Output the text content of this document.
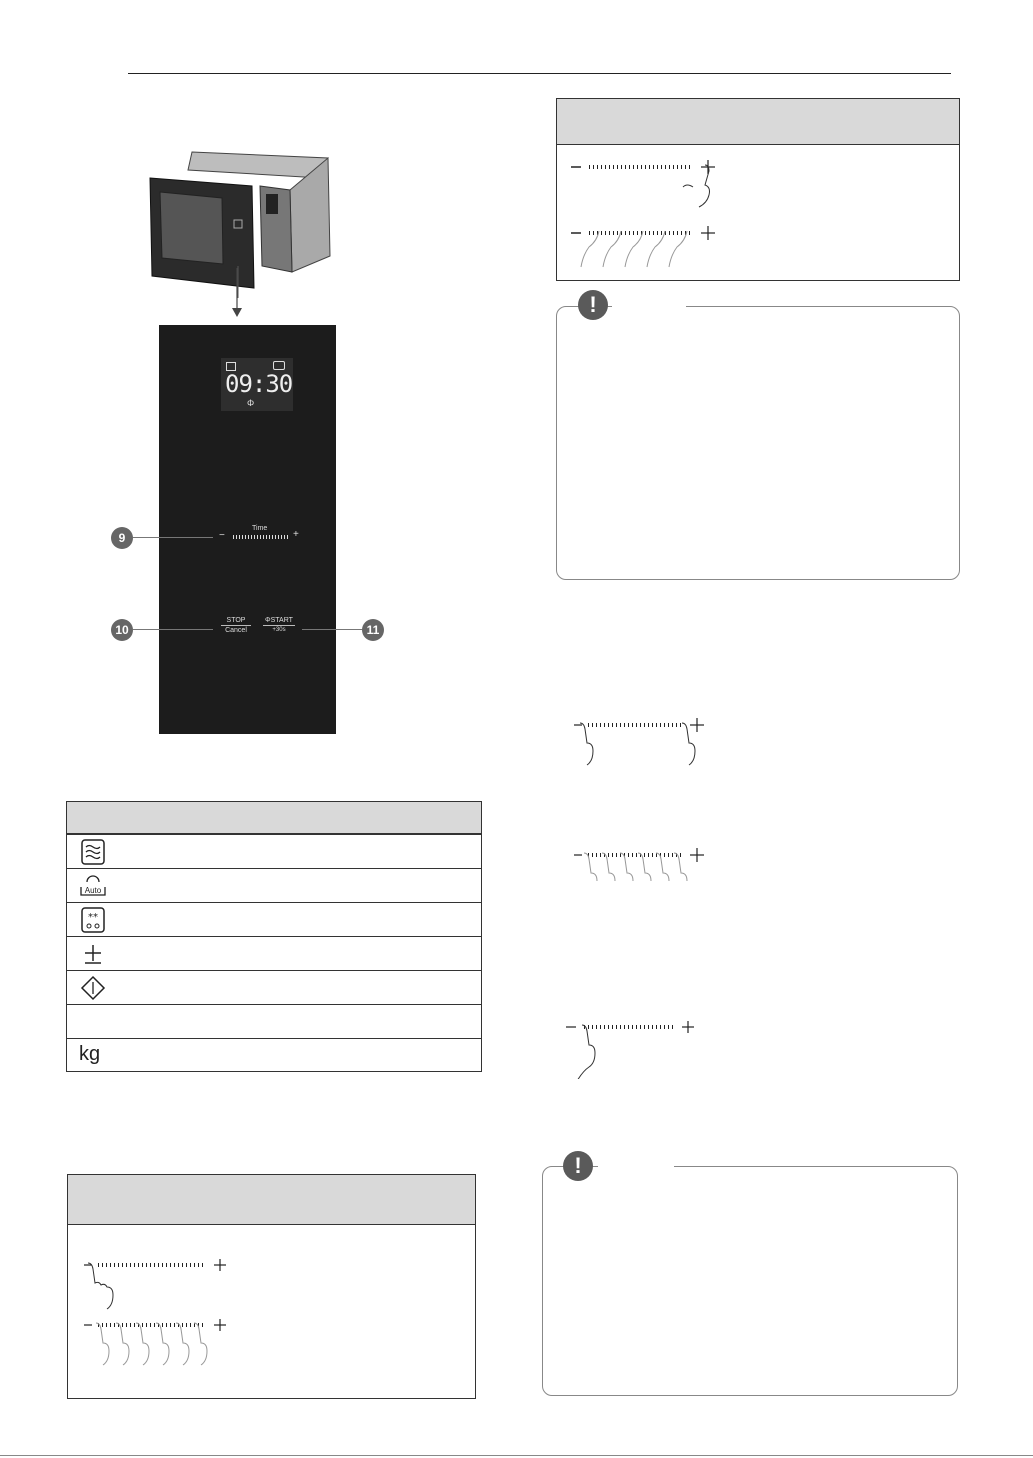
09:30
Φ
Time
−	+
STOP
Cancel
ΦSTART
+30s
9
10	11
Auto
**
kg
!
!
